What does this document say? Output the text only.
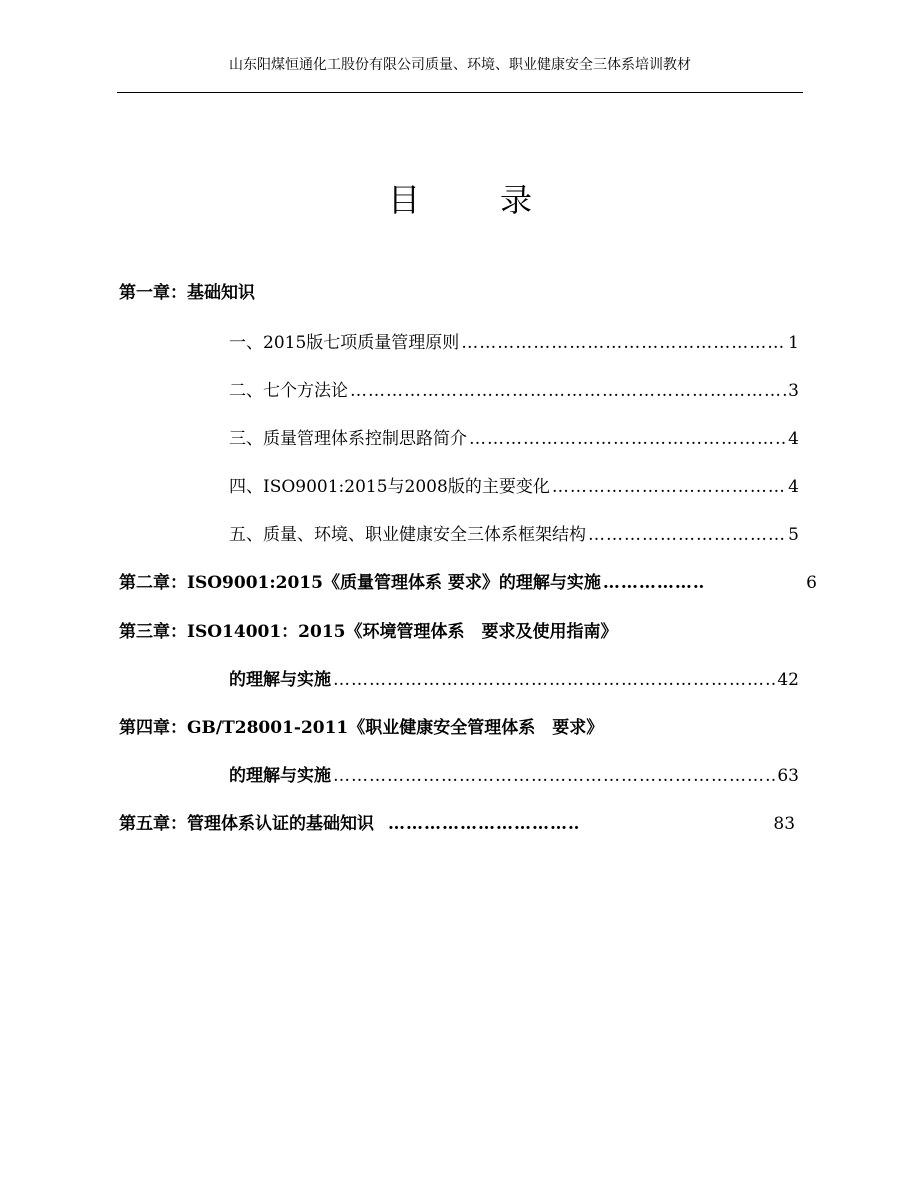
山东阳煤恒通化工股份有限公司质量、环境、职业健康安全三体系培训教材
目录
第一章：基础知识
一、2015版七项质量管理原则 ………………………………………………………………………………………………………………………………	1
二、七个方法论 ………………………………………………………………………………………………………………………………	3
三、质量管理体系控制思路简介 ………………………………………………………………………………………………………………………………	4
四、ISO9001:2015与2008版的主要变化 ………………………………………………………………………………………………………………………………	4
五、质量、环境、职业健康安全三体系框架结构 ………………………………………………………………………………………………………………………………	5
第二章：ISO9001:2015《质量管理体系 要求》的理解与实施 ………………………………………………………………………………………………………………………………	6
第三章：ISO14001：2015《环境管理体系　要求及使用指南》
的理解与实施 ………………………………………………………………………………………………………………………………	42
第四章：GB/T28001-2011《职业健康安全管理体系　要求》
的理解与实施 ………………………………………………………………………………………………………………………………	63
第五章：管理体系认证的基础知识 ………………………………………………………………………………………………………………………………	83
